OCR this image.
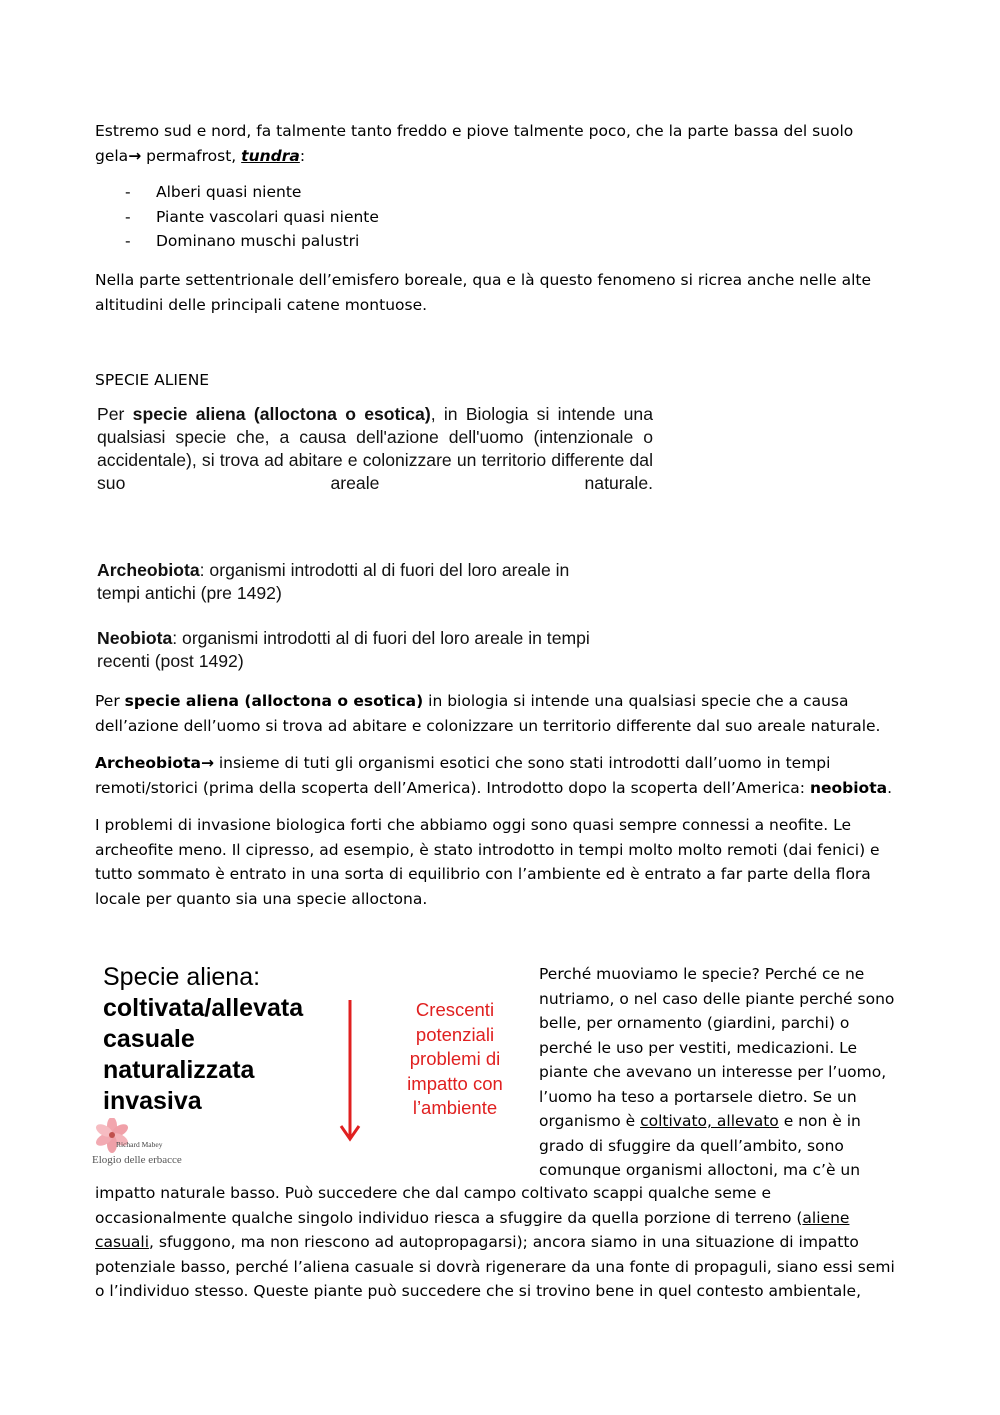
Estremo sud e nord, fa talmente tanto freddo e piove talmente poco, che la parte bassa del suolo
gela→ permafrost, tundra:
-	Alberi quasi niente
-	Piante vascolari quasi niente
-	Dominano muschi palustri

Nella parte settentrionale dell’emisfero boreale, qua e là questo fenomeno si ricrea anche nelle alte altitudini delle principali catene montuose.

SPECIE ALIENE
Per specie aliena (alloctona o esotica), in Biologia si intende una qualsiasi specie che, a causa dell'azione dell'uomo (intenzionale o accidentale), si trova ad abitare e colonizzare un territorio differente dal suo areale naturale.
Archeobiota: organismi introdotti al di fuori del loro areale in tempi antichi (pre 1492)
Neobiota: organismi introdotti al di fuori del loro areale in tempi recenti (post 1492)

Per specie aliena (alloctona o esotica) in biologia si intende una qualsiasi specie che a causa dell’azione dell’uomo si trova ad abitare e colonizzare un territorio differente dal suo areale naturale.

Archeobiota→ insieme di tuti gli organismi esotici che sono stati introdotti dall’uomo in tempi remoti/storici (prima della scoperta dell’America). Introdotto dopo la scoperta dell’America: neobiota.

I problemi di invasione biologica forti che abbiamo oggi sono quasi sempre connessi a neofite. Le archeofite meno. Il cipresso, ad esempio, è stato introdotto in tempi molto molto remoti (dai fenici) e tutto sommato è entrato in una sorta di equilibrio con l’ambiente ed è entrato a far parte della flora locale per quanto sia una specie alloctona.

Specie aliena:
coltivata/allevata
casuale
naturalizzata
invasiva
Crescenti
potenziali
problemi di
impatto con
l’ambiente
Richard Mabey
Elogio delle erbacce
Perché muoviamo le specie? Perché ce ne
nutriamo, o nel caso delle piante perché sono
belle, per ornamento (giardini, parchi) o
perché le uso per vestiti, medicazioni. Le
piante che avevano un interesse per l’uomo,
l’uomo ha teso a portarsele dietro. Se un
organismo è coltivato, allevato e non è in
grado di sfuggire da quell’ambito, sono
comunque organismi alloctoni, ma c’è un
impatto naturale basso. Può succedere che dal campo coltivato scappi qualche seme e
occasionalmente qualche singolo individuo riesca a sfuggire da quella porzione di terreno (aliene
casuali, sfuggono, ma non riescono ad autopropagarsi); ancora siamo in una situazione di impatto
potenziale basso, perché l’aliena casuale si dovrà rigenerare da una fonte di propaguli, siano essi semi
o l’individuo stesso. Queste piante può succedere che si trovino bene in quel contesto ambientale,
